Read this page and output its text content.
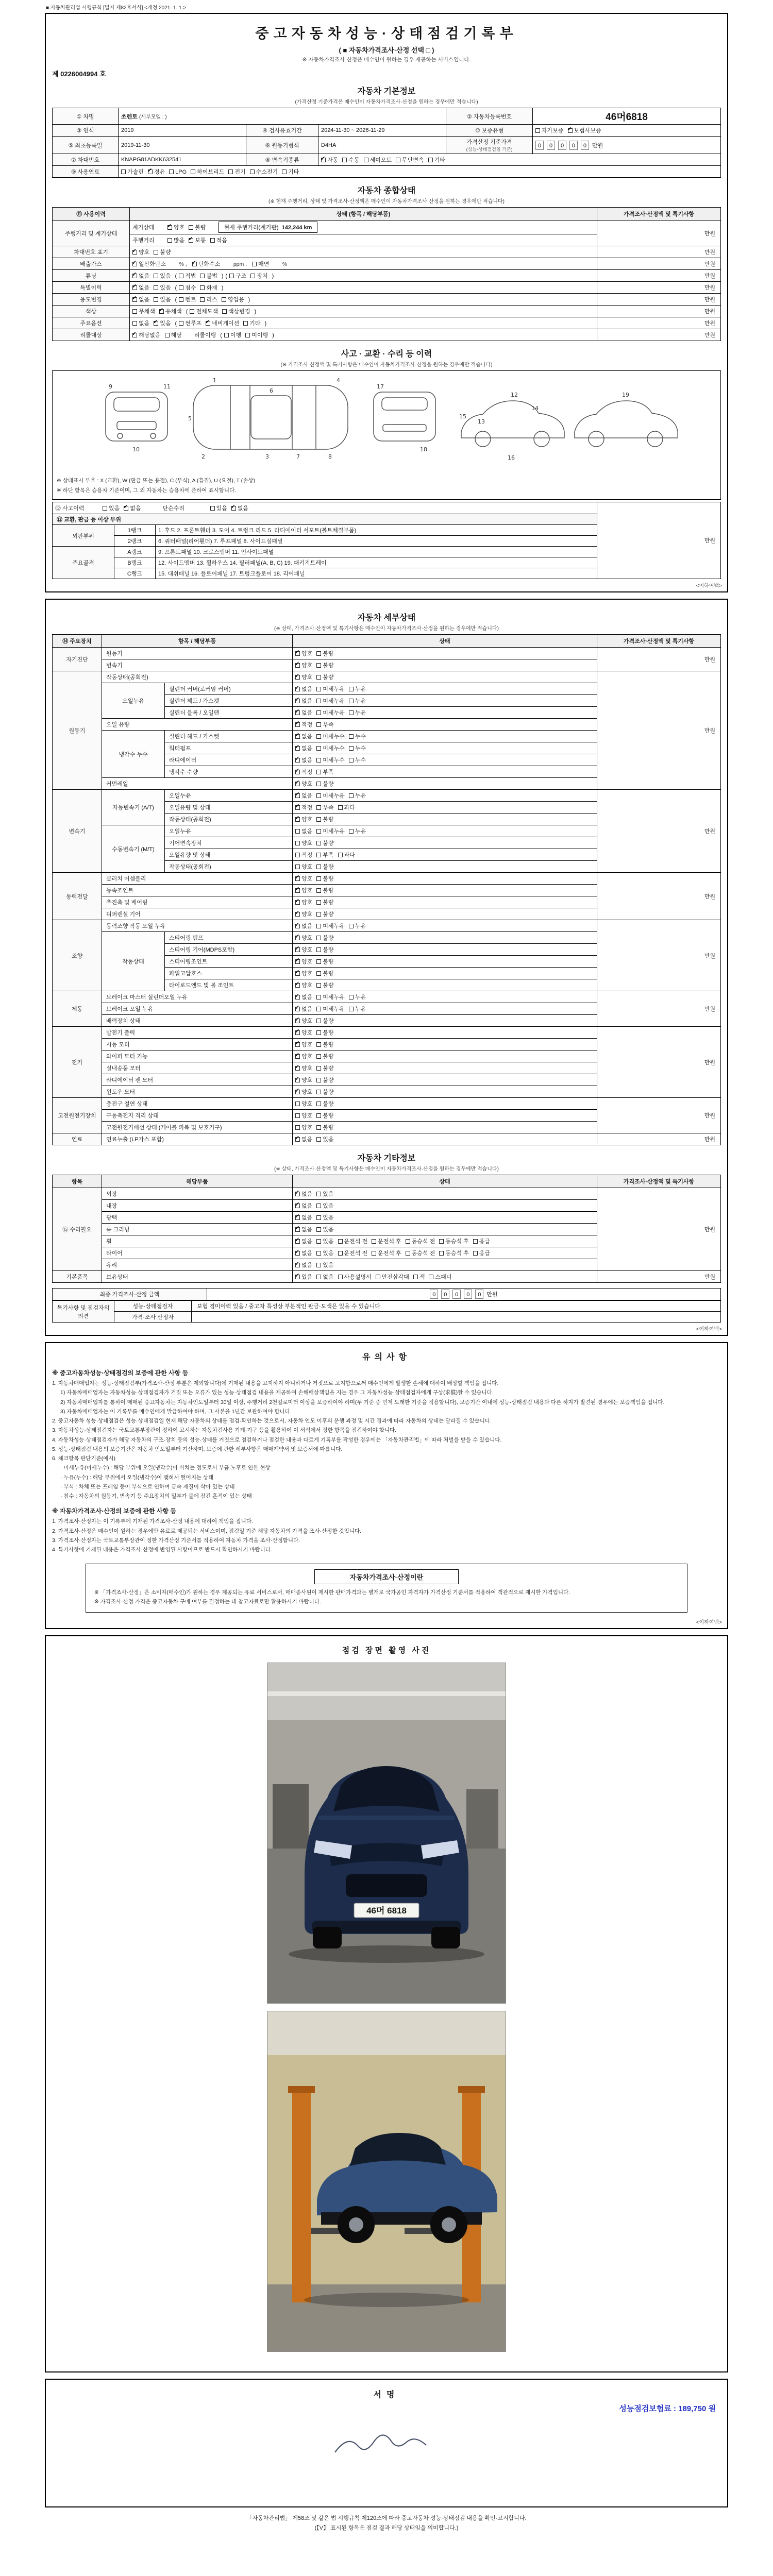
■ 자동차관리법 시행규칙 [별지 제82호서식] <개정 2021. 1. 1.>
중고자동차성능·상태점검기록부
( ■ 자동차가격조사·산정 선택 □ )
※ 자동차가격조사·산정은 매수인이 원하는 경우 제공하는 서비스입니다.
제 0226004994 호
자동차 기본정보
(가격산정 기준가격은 매수인이 자동차가격조사·산정을 원하는 경우에만 적습니다)
① 차명	쏘렌토 (세부모델 : )			② 자동차등록번호	46머6818
③ 연식	2019	④ 검사유효기간	2024-11-30 ~ 2026-11-29	⑩ 보증유형	자가보증 ✔ 보험사보증
⑤ 최초등록일	2019-11-30	⑥ 원동기형식	D4HA	가격산정 기준가격
(성능·상태점검일 기준)	0 0 0 0 0 만원
⑦ 차대번호	KNAPG81ADKK632541	⑧ 변속기종류	✔자동 수동 세미오토 무단변속 기타
⑨ 사용연료	가솔린 ✔ 경유 LPG 하이브리드 전기 수소전기 기타
자동차 종합상태
(※ 현재 주행거리, 상태 및 가격조사·산정액은 매수인이 자동차가격조사·산정을 원하는 경우에만 적습니다)
⑪ 사용이력	상태 (항목 / 해당부품)	가격조사·산정액 및 특기사항
주행거리 및 계기상태	계기상태 ✔ 양호 불량 현재 주행거리(계기판)  142,244 km	만원
	주행거리 많음 ✔ 보통 적음
차대번호 표기	✔양호 불량	만원
배출가스	✔일산화탄소      % , ✔ 탄화수소      ppm , 매연      %	만원
튜닝	✔없음 있음 ( 적법 불법 ) ( 구조 장치 )	만원
특별이력	✔없음 있음 ( 침수 화재 )	만원
용도변경	✔없음 있음 ( 렌트 리스 영업용 )	만원
색상	무채색 ✔ 유채색 ( 전체도색 색상변경 )	만원
주요옵션	없음 ✔ 있음 ( 썬루프 ✔ 네비게이션 기타 )	만원
리콜대상	✔해당없음 해당 리콜이행 ( 이행 미이행 )	만원
사고 · 교환 · 수리 등 이력
(※ 가격조사·산정액 및 특기사항은 매수인이 자동차가격조사·산정을 원하는 경우에만 적습니다)
1
6
4
2	3
5
7	8
9
10
11	17
18
12
13
14
15
16
19
※ 상태표시 부호 : X (교환), W (판금 또는 용접), C (부식), A (흠집), U (요철), T (손상)
※ 하단 항목은 승용차 기준이며, 그 외 자동차는 승용차에 준하여 표시합니다.
⑫ 사고이력 있음 ✔ 없음 단순수리 있음 ✔ 없음			만원
⑬ 교환, 판금 등 이상 부위			
외판부위	1랭크	1. 후드 2. 프론트휀더 3. 도어 4. 트렁크 리드 5. 라디에이터 서포트(볼트체결부품)	
	2랭크	6. 쿼터패널(리어휀더) 7. 루프패널 8. 사이드실패널	
주요골격	A랭크	9. 프론트패널 10. 크로스멤버 11. 인사이드패널	
	B랭크	12. 사이드멤버 13. 휠하우스 14. 필러패널(A, B, C) 19. 패키지트레이	
	C랭크	15. 대쉬패널 16. 플로어패널 17. 트렁크플로어 18. 리어패널	
<이하여백>
자동차 세부상태
(※ 상태, 가격조사·산정액 및 특기사항은 매수인이 자동차가격조사·산정을 원하는 경우에만 적습니다)
⑭ 주요장치	항목 / 해당부품		상태	가격조사·산정액 및 특기사항
자기진단	원동기	✔양호 불량	만원
	변속기	✔양호 불량
원동기	작동상태(공회전)	✔양호 불량	만원
	오일누유	실린더 커버(로커암 커버)	✔없음 미세누유 누유
		실린더 헤드 / 가스켓	✔없음 미세누유 누유
		실린더 블록 / 오일팬	✔없음 미세누유 누유
	오일 유량	✔적정 부족
	냉각수 누수	실린더 헤드 / 가스켓	✔없음 미세누수 누수
		워터펌프	✔없음 미세누수 누수
		라디에이터	✔없음 미세누수 누수
		냉각수 수량	✔적정 부족
	커먼레일	✔양호 불량
변속기	자동변속기 (A/T)	오일누유	✔없음 미세누유 누유	만원
		오일유량 및 상태	✔적정 부족 과다
		작동상태(공회전)	✔양호 불량
	수동변속기 (M/T)	오일누유	없음 미세누유 누유	
		기어변속장치	양호 불량	
		오일유량 및 상태	적정 부족 과다	
		작동상태(공회전)	양호 불량	
동력전달	클러치 어셈블리	✔양호 불량	만원
	등속조인트	✔양호 불량
	추진축 및 베어링	✔양호 불량
	디퍼렌셜 기어	✔양호 불량
조향	동력조향 작동 오일 누유	✔없음 미세누유 누유	만원
	작동상태	스티어링 펌프	✔양호 불량
		스티어링 기어(MDPS포함)	✔양호 불량
		스티어링조인트	✔양호 불량
		파워고압호스	✔양호 불량
		타이로드엔드 및 볼 조인트	✔양호 불량
제동	브레이크 마스터 실린더오일 누유	✔없음 미세누유 누유	만원
	브레이크 오일 누유	✔없음 미세누유 누유
	배력장치 상태	✔양호 불량
전기	발전기 출력	✔양호 불량	만원
	시동 모터	✔양호 불량
	와이퍼 모터 기능	✔양호 불량
	실내송풍 모터	✔양호 불량
	라디에이터 팬 모터	✔양호 불량
	윈도우 모터	✔양호 불량
고전원전기장치	충전구 절연 상태		양호 불량	만원
	구동축전지 격리 상태		양호 불량	
	고전원전기배선 상태 (케이블 피복 및 보호기구)		양호 불량	
연료	연료누출 (LP가스 포함)	✔없음 있음	만원
자동차 기타정보
(※ 상태, 가격조사·산정액 및 특기사항은 매수인이 자동차가격조사·산정을 원하는 경우에만 적습니다)
항목	해당부품	상태	가격조사·산정액 및 특기사항
⑮ 수리필요	외장	✔없음 있음	만원
	내장	✔없음 있음
	광택	✔없음 있음
	룸 크리닝	✔없음 있음
	휠	✔없음 있음 운전석 전 운전석 후 동승석 전 동승석 후 응급
	타이어	✔없음 있음 운전석 전 운전석 후 동승석 전 동승석 후 응급
	유리	✔없음 있음
기본품목	보유상태	✔있음 없음 사용설명서 안전삼각대 잭 스패너	만원
최종 가격조사·산정 금액	0 0 0 0 0 만원
특기사항 및 점검자의 의견	성능·상태점검자	보험 경미이력 있음 / 중고차 특성상 부분적인 판금·도색은 있을 수 있습니다.
	가격·조사 산정자	
<이하여백>
유의사항
※ 중고자동차성능·상태점검의 보증에 관한 사항 등

1. 자동차매매업자는 성능·상태점검부(가격조사·산정 부분은 제외합니다)에 기재된 내용을 고지하지 아니하거나 거짓으로 고지함으로써 매수인에게 발생한 손해에 대하여 배상할 책임을 집니다.

1) 자동차매매업자는 자동차성능·상태점검자가 거짓 또는 오류가 있는 성능·상태점검 내용을 제공하여 손해배상책임을 지는 경우 그 자동차성능·상태점검자에게 구상(求償)할 수 있습니다.

2) 자동차매매업자를 통하여 매매된 중고자동차는 자동차인도일부터 30일 이상, 주행거리 2천킬로미터 이상을 보증하여야 하며(두 기준 중 먼저 도래한 기준을 적용합니다), 보증기간 이내에 성능·상태점검 내용과 다른 하자가 발견된 경우에는 보증책임을 집니다.

3) 자동차매매업자는 이 기록부를 매수인에게 발급하여야 하며, 그 사본을 1년간 보관하여야 합니다.

2. 중고자동차 성능·상태점검은 성능·상태점검일 현재 해당 자동차의 상태를 점검·확인하는 것으로서, 자동차 인도 이후의 운행 과정 및 시간 경과에 따라 자동차의 상태는 달라질 수 있습니다.

3. 자동차성능·상태점검자는 국토교통부장관이 정하여 고시하는 자동차검사용 기계·기구 등을 활용하여 이 서식에서 정한 항목을 점검하여야 합니다.

4. 자동차성능·상태점검자가 해당 자동차의 구조·장치 등의 성능·상태를 거짓으로 점검하거나 점검한 내용과 다르게 기록부를 작성한 경우에는 「자동차관리법」에 따라 처벌을 받을 수 있습니다.

5. 성능·상태점검 내용의 보증기간은 자동차 인도일부터 기산하며, 보증에 관한 세부사항은 매매계약서 및 보증서에 따릅니다.

6. 체크항목 판단기준(예시)

· 미세누유(미세누수) : 해당 부위에 오일(냉각수)이 비치는 정도로서 부품 노후로 인한 현상

· 누유(누수) : 해당 부위에서 오일(냉각수)이 맺혀서 떨어지는 상태

· 부식 : 차체 또는 프레임 등이 부식으로 인하여 금속 재질이 삭아 있는 상태

· 침수 : 자동차의 원동기, 변속기 등 주요장치의 일부가 물에 잠긴 흔적이 있는 상태

※ 자동차가격조사·산정의 보증에 관한 사항 등

1. 가격조사·산정자는 이 기록부에 기재된 가격조사·산정 내용에 대하여 책임을 집니다.

2. 가격조사·산정은 매수인이 원하는 경우에만 유료로 제공되는 서비스이며, 점검일 기준 해당 자동차의 가격을 조사·산정한 것입니다.

3. 가격조사·산정자는 국토교통부장관이 정한 가격산정 기준서를 적용하여 자동차 가격을 조사·산정합니다.

4. 특기사항에 기재된 내용은 가격조사·산정에 반영된 사항이므로 반드시 확인하시기 바랍니다.

자동차가격조사·산정이란

※ 「가격조사·산정」은 소비자(매수인)가 원하는 경우 제공되는 유료 서비스로서, 매매종사원이 제시한 판매가격과는 별개로 국가공인 자격자가 가격산정 기준서를 적용하여 객관적으로 제시한 가격입니다.

※ 가격조사·산정 가격은 중고자동차 구매 여부를 결정하는 데 참고자료로만 활용하시기 바랍니다.

<이하여백>
점검 장면 촬영 사진
46머 6818
서명
성능점검보험료 : 189,750 원
「자동차관리법」 제58조 및 같은 법 시행규칙 제120조에 따라 중고자동차 성능·상태점검 내용을 확인·고지합니다.
(【V】 표시된 항목은 점검 결과 해당 상태임을 의미합니다.)
